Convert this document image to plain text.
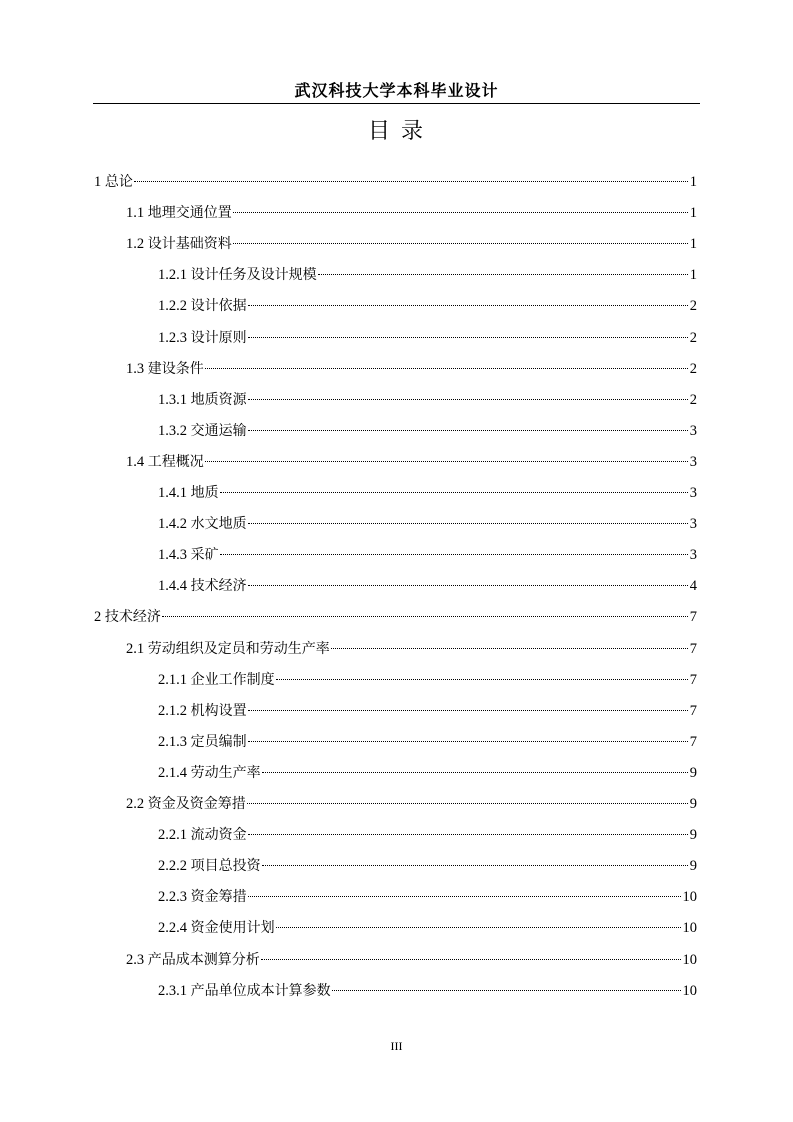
武汉科技大学本科毕业设计
目 录
1 总论	1
1.1 地理交通位置	1
1.2 设计基础资料	1
1.2.1 设计任务及设计规模	1
1.2.2 设计依据	2
1.2.3 设计原则	2
1.3 建设条件	2
1.3.1 地质资源	2
1.3.2 交通运输	3
1.4 工程概况	3
1.4.1 地质	3
1.4.2 水文地质	3
1.4.3 采矿	3
1.4.4 技术经济	4
2 技术经济	7
2.1 劳动组织及定员和劳动生产率	7
2.1.1 企业工作制度	7
2.1.2 机构设置	7
2.1.3 定员编制	7
2.1.4 劳动生产率	9
2.2 资金及资金筹措	9
2.2.1 流动资金	9
2.2.2 项目总投资	9
2.2.3 资金筹措	10
2.2.4 资金使用计划	10
2.3 产品成本测算分析	10
2.3.1 产品单位成本计算参数	10
III
